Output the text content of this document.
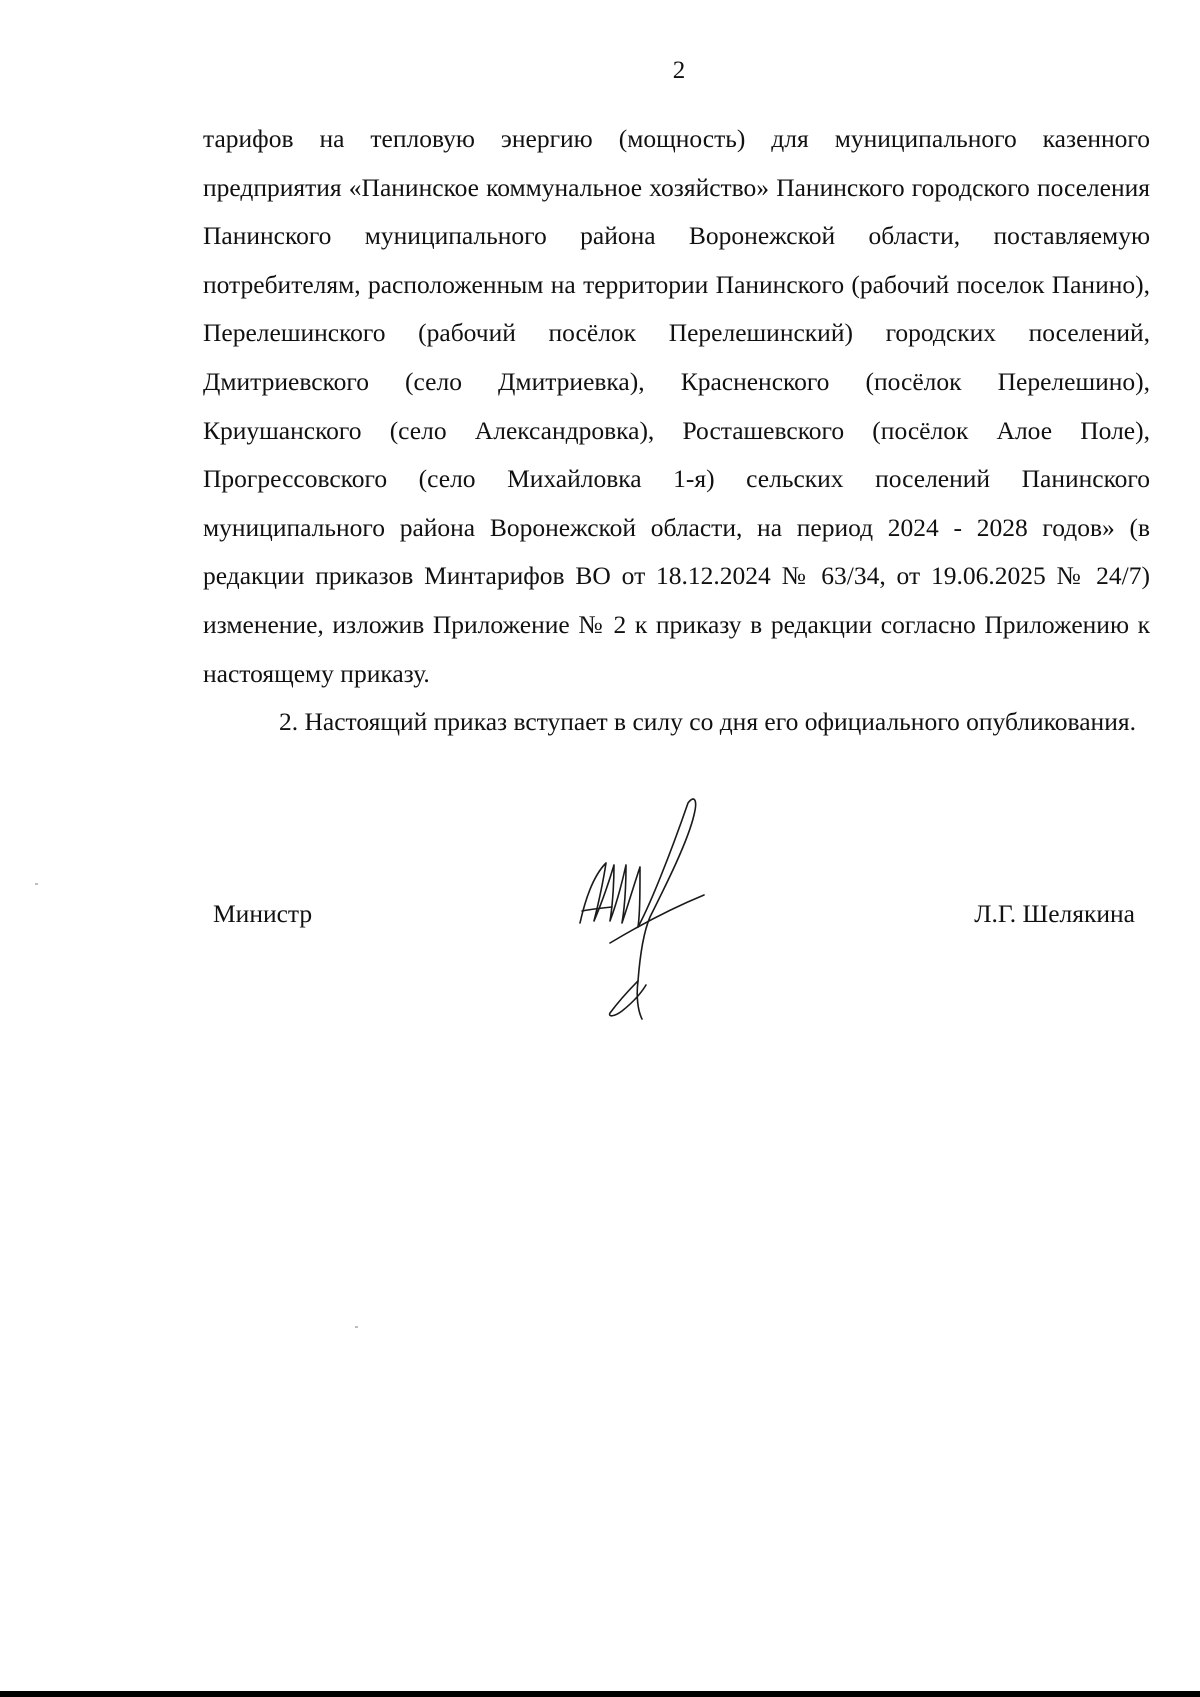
2

тарифов на тепловую энергию (мощность) для муниципального казенного предприятия «Панинское коммунальное хозяйство» Панинского городского поселения Панинского муниципального района Воронежской области, поставляемую потребителям, расположенным на территории Панинского (рабочий поселок Панино), Перелешинского (рабочий посёлок Перелешинский) городских поселений, Дмитриевского (село Дмитриевка), Красненского (посёлок Перелешино), Криушанского (село Александровка), Росташевского (посёлок Алое Поле), Прогрессовского (село Михайловка 1-я) сельских поселений Панинского муниципального района Воронежской области, на период 2024 - 2028 годов» (в редакции приказов Минтарифов ВО от 18.12.2024 № 63/34, от 19.06.2025 № 24/7) изменение, изложив Приложение № 2 к приказу в редакции согласно Приложению к настоящему приказу.

2. Настоящий приказ вступает в силу со дня его официального опубликования.

Министр	Л.Г. Шелякина
